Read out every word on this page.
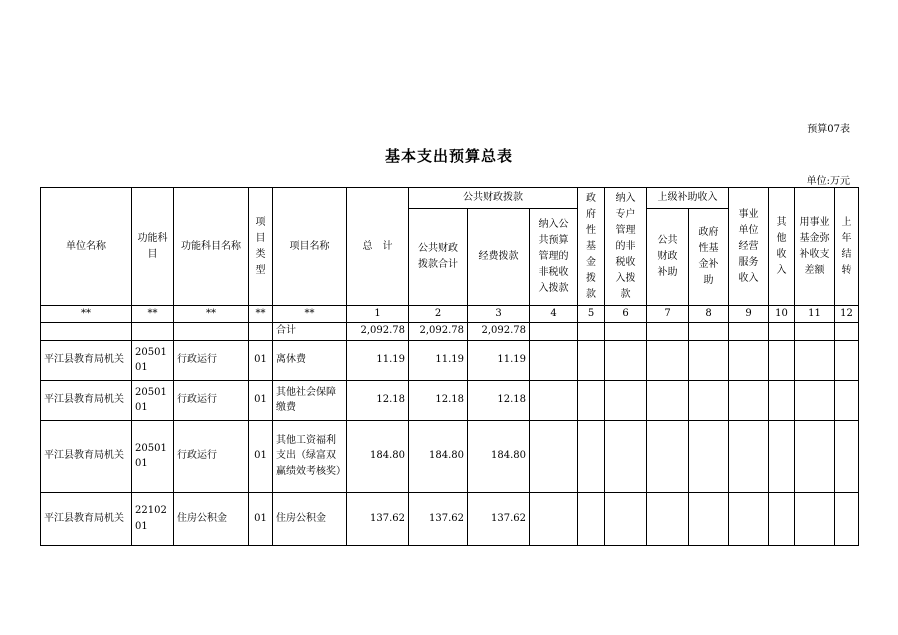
预算07表
基本支出预算总表
单位:万元
单位名称	功能科目	功能科目名称	项目类型	项目名称	总　计	公共财政拨款			政府性基金拨款	纳入专户管理的非税收入拨款	上级补助收入		事业单位经营服务收入	其他收入	用事业基金弥补收支差额	上年结转

						公共财政拨款合计	经费拨款	纳入公共预算管理的非税收入拨款			公共财政补助	政府性基金补助				

**	**	**	**	**	1	2	3	4	5	6	7	8	9	10	11	12
				合计	2,092.78	2,092.78	2,092.78									
平江县教育局机关	20501 01	行政运行	01	离休费	11.19	11.19	11.19									
平江县教育局机关	20501 01	行政运行	01	其他社会保障缴费	12.18	12.18	12.18									
平江县教育局机关	20501 01	行政运行	01	其他工资福利支出（绿富双赢绩效考核奖）	184.80	184.80	184.80									
平江县教育局机关	22102 01	住房公积金	01	住房公积金	137.62	137.62	137.62									
